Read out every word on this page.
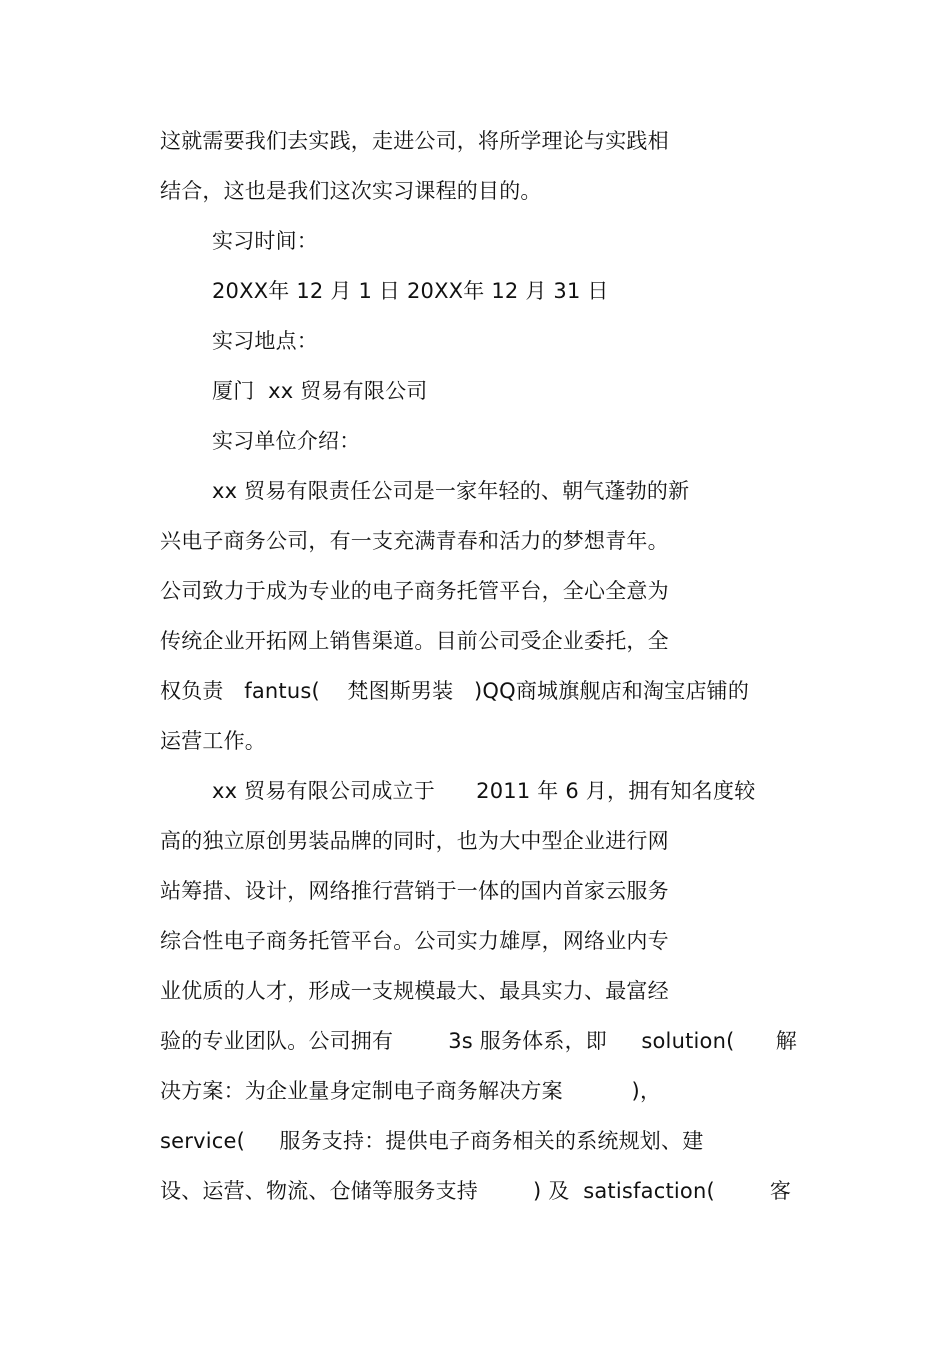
这就需要我们去实践，走进公司，将所学理论与实践相
结合，这也是我们这次实习课程的目的。
实习时间：
20XX年 12 月 1 日 20XX年 12 月 31 日
实习地点：
厦门  xx 贸易有限公司
实习单位介绍：
xx 贸易有限责任公司是一家年轻的、朝气蓬勃的新
兴电子商务公司，有一支充满青春和活力的梦想青年。
公司致力于成为专业的电子商务托管平台，全心全意为
传统企业开拓网上销售渠道。目前公司受企业委托，全
权负责   fantus(    梵图斯男装   )QQ商城旗舰店和淘宝店铺的
运营工作。
xx 贸易有限公司成立于      2011 年 6 月，拥有知名度较
高的独立原创男装品牌的同时，也为大中型企业进行网
站筹措、设计，网络推行营销于一体的国内首家云服务
综合性电子商务托管平台。公司实力雄厚，网络业内专
业优质的人才，形成一支规模最大、最具实力、最富经
验的专业团队。公司拥有        3s 服务体系，即     solution(      解
决方案：为企业量身定制电子商务解决方案          )，
service(     服务支持：提供电子商务相关的系统规划、建
设、运营、物流、仓储等服务支持        ) 及  satisfaction(        客
